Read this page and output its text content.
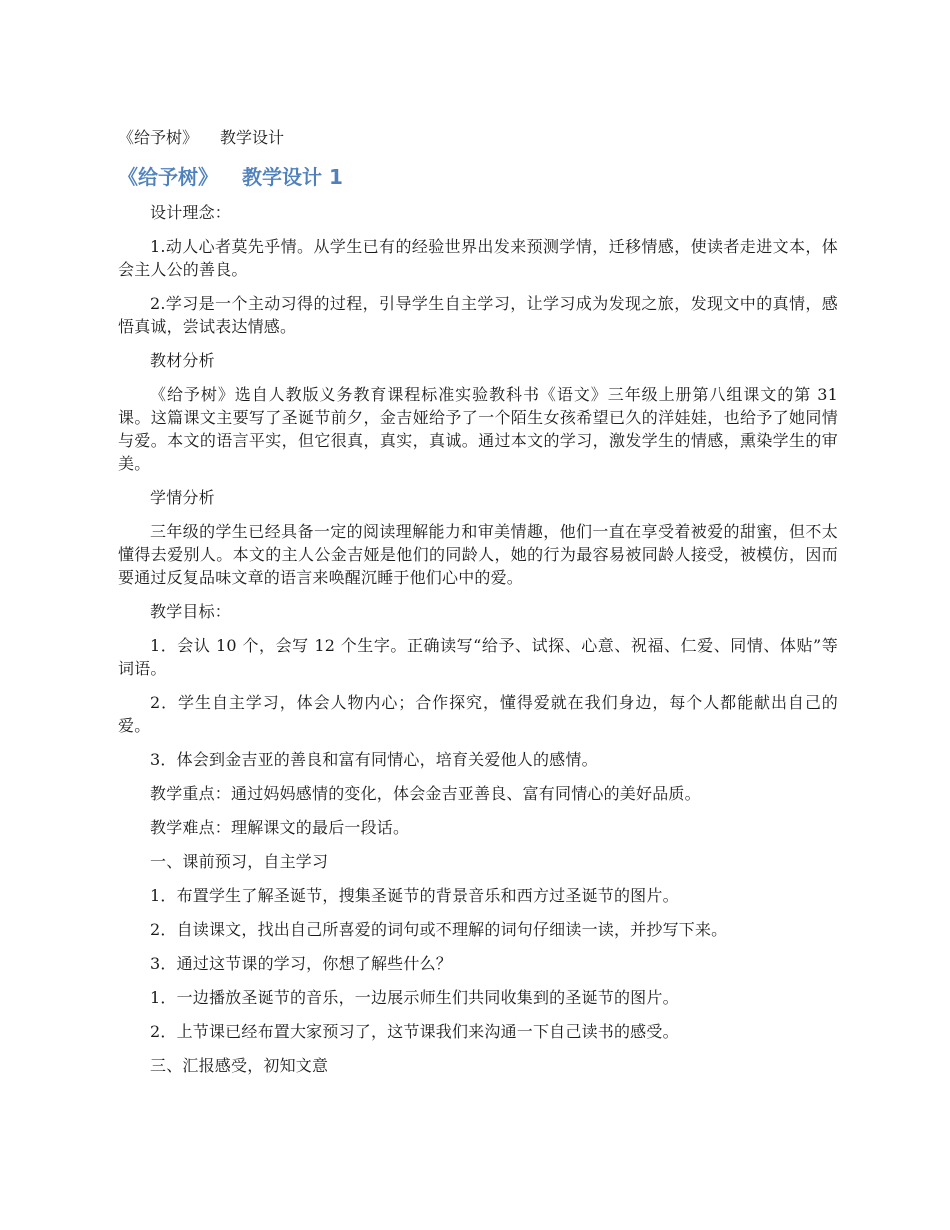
《给予树》 教学设计
《给予树》 教学设计 1

设计理念：

1.动人心者莫先乎情。从学生已有的经验世界出发来预测学情，迁移情感，使读者走进文本，体会主人公的善良。

2.学习是一个主动习得的过程，引导学生自主学习，让学习成为发现之旅，发现文中的真情，感悟真诚，尝试表达情感。

教材分析

《给予树》选自人教版义务教育课程标准实验教科书《语文》三年级上册第八组课文的第 31 课。这篇课文主要写了圣诞节前夕，金吉娅给予了一个陌生女孩希望已久的洋娃娃，也给予了她同情与爱。本文的语言平实，但它很真，真实，真诚。通过本文的学习，激发学生的情感，熏染学生的审美。

学情分析

三年级的学生已经具备一定的阅读理解能力和审美情趣，他们一直在享受着被爱的甜蜜，但不太懂得去爱别人。本文的主人公金吉娅是他们的同龄人，她的行为最容易被同龄人接受，被模仿，因而要通过反复品味文章的语言来唤醒沉睡于他们心中的爱。

教学目标：

1．会认 10 个，会写 12 个生字。正确读写“给予、试探、心意、祝福、仁爱、同情、体贴”等词语。

2．学生自主学习，体会人物内心；合作探究，懂得爱就在我们身边，每个人都能献出自己的爱。

3．体会到金吉亚的善良和富有同情心，培育关爱他人的感情。

教学重点：通过妈妈感情的变化，体会金吉亚善良、富有同情心的美好品质。

教学难点：理解课文的最后一段话。

一、课前预习，自主学习

1．布置学生了解圣诞节，搜集圣诞节的背景音乐和西方过圣诞节的图片。

2．自读课文，找出自己所喜爱的词句或不理解的词句仔细读一读，并抄写下来。

3．通过这节课的学习，你想了解些什么？

1．一边播放圣诞节的音乐，一边展示师生们共同收集到的圣诞节的图片。

2．上节课已经布置大家预习了，这节课我们来沟通一下自己读书的感受。

三、汇报感受，初知文意
